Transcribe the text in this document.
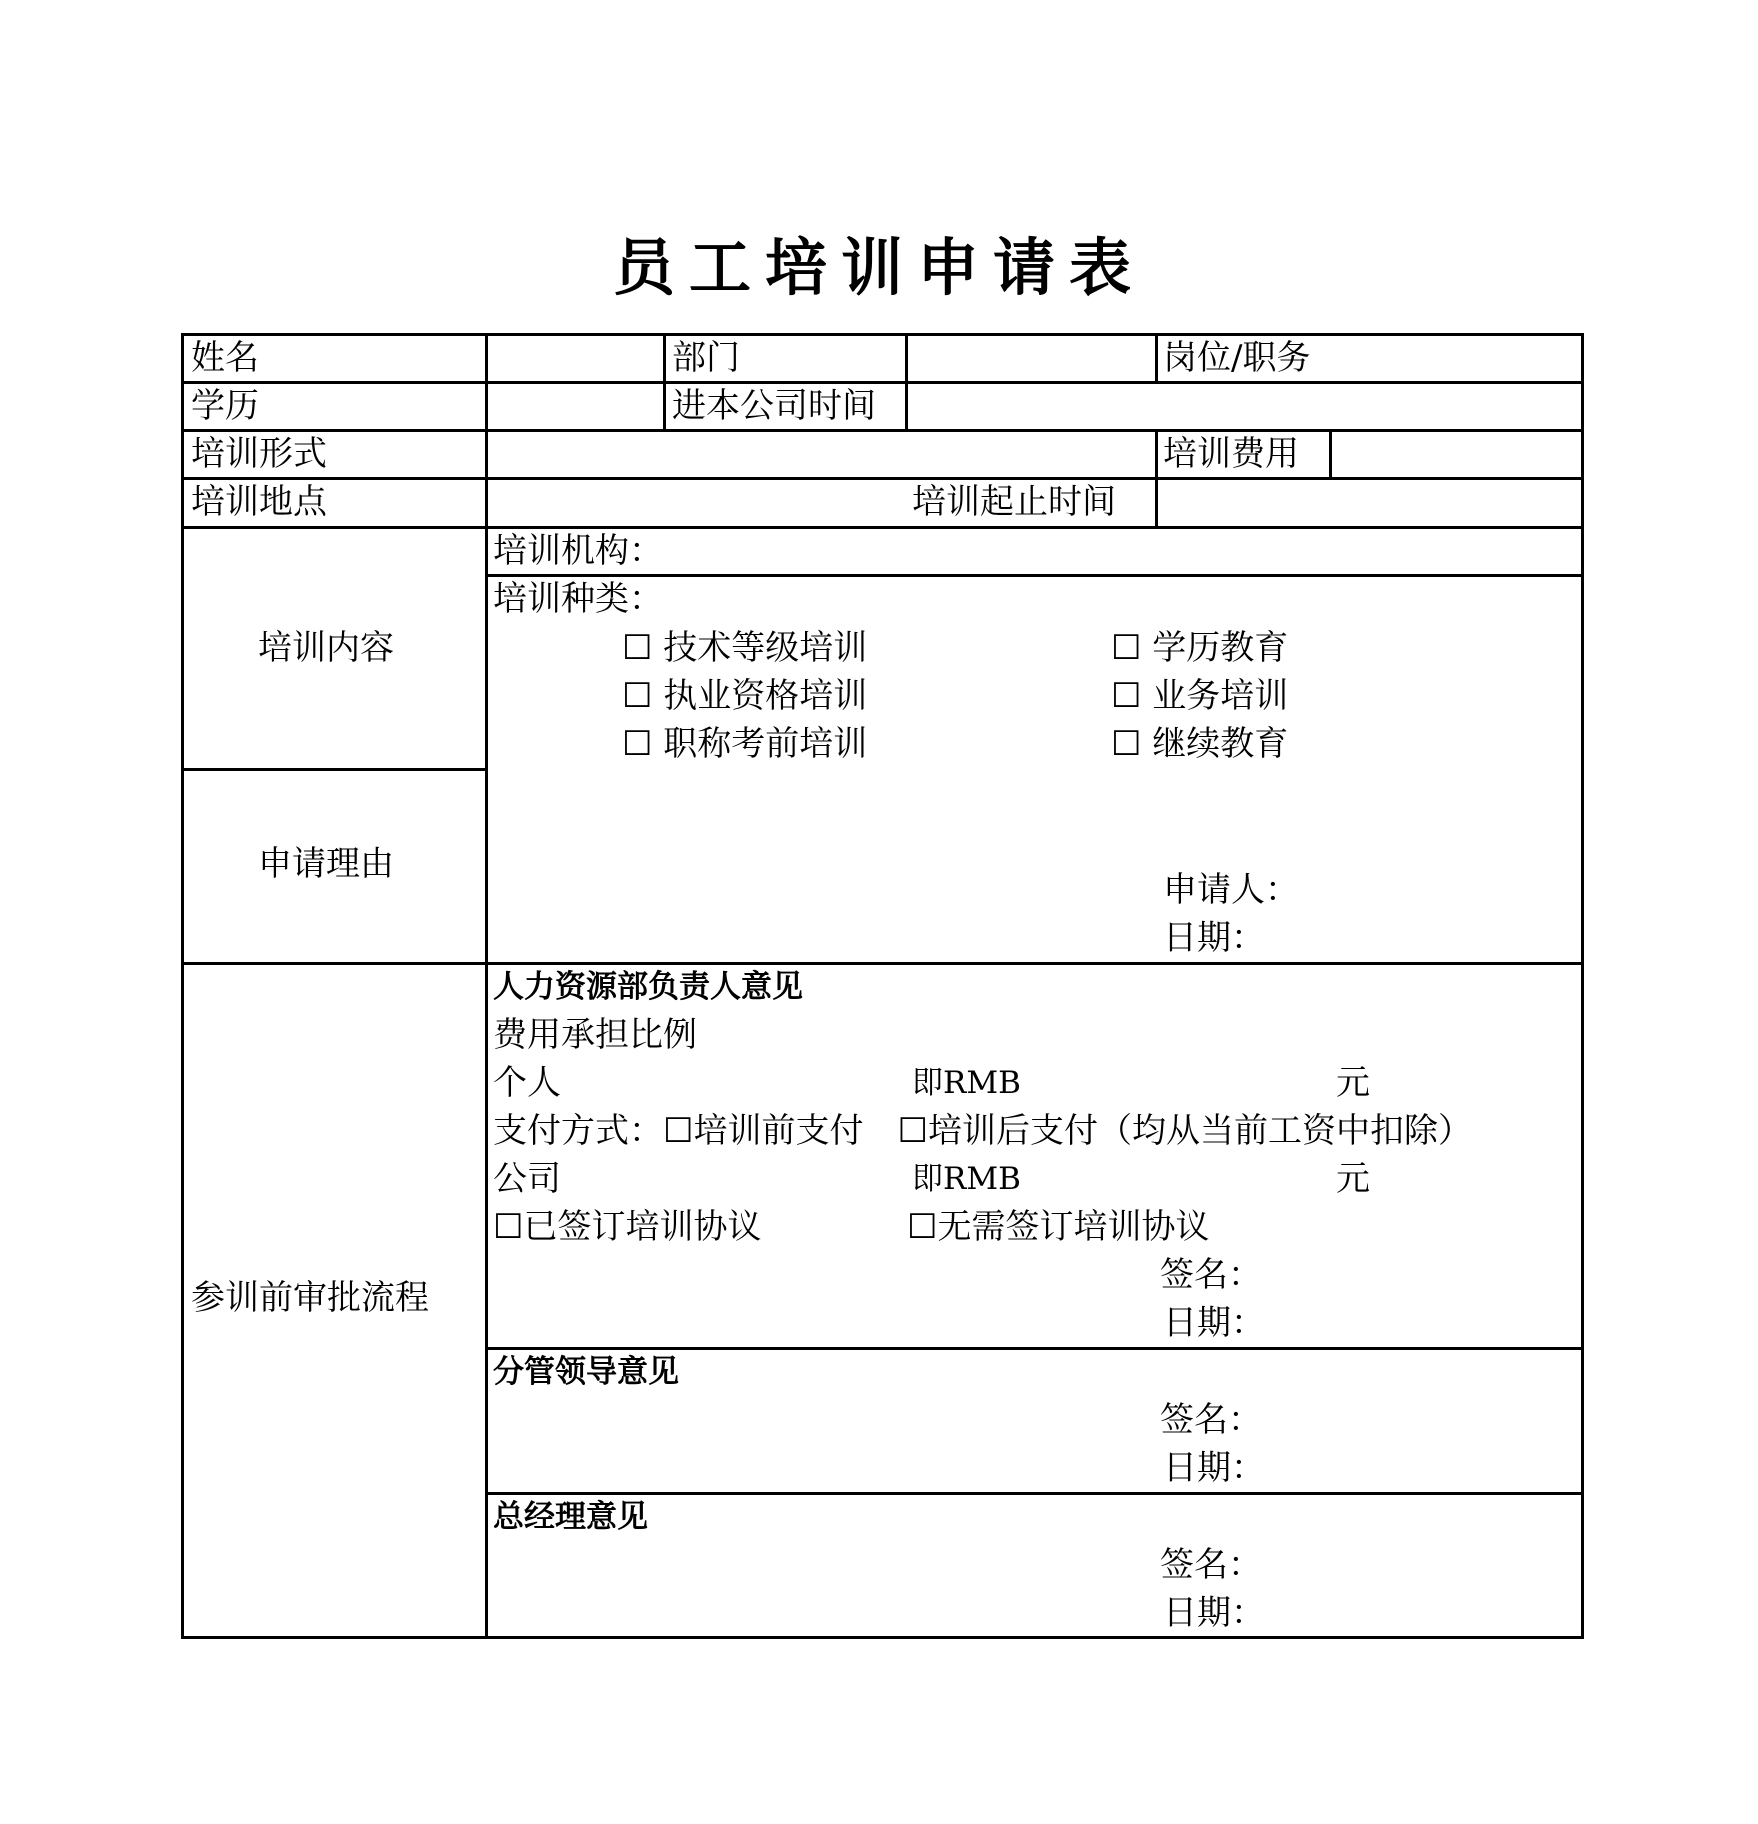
员工培训申请表
姓名	部门	岗位/职务
学历	进本公司时间
培训形式	培训费用
培训地点	培训起止时间
培训内容
培训机构：
培训种类：
☐ 技术等级培训	☐ 学历教育
☐ 执业资格培训	☐ 业务培训
☐ 职称考前培训	☐ 继续教育
申请理由
申请人：
日期：
参训前审批流程
人力资源部负责人意见
费用承担比例
个人	即RMB	元
支付方式：☐培训前支付　☐培训后支付（均从当前工资中扣除）
公司	即RMB	元
☐已签订培训协议	☐无需签订培训协议
签名：
日期：
分管领导意见
签名：
日期：
总经理意见
签名：
日期：
